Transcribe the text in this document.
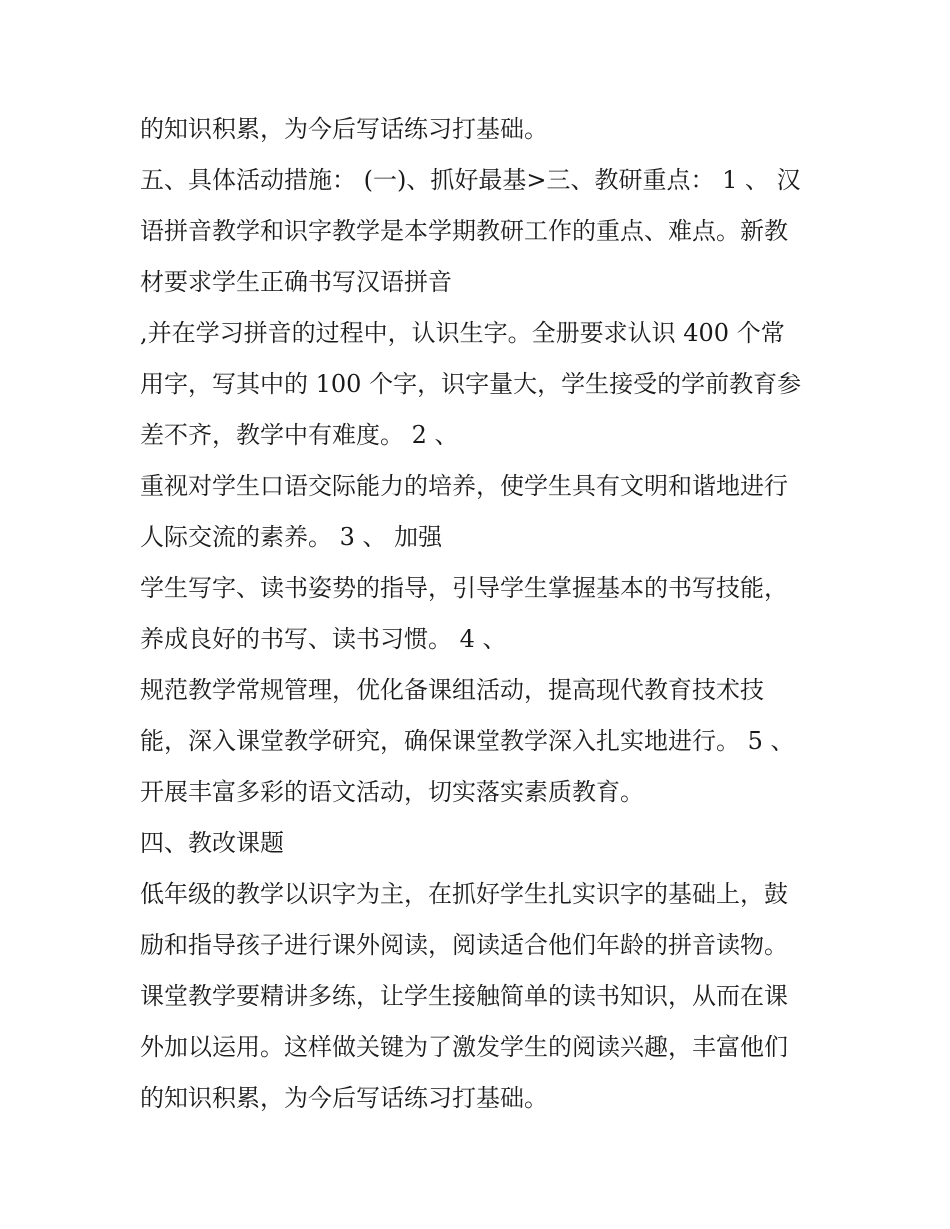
的知识积累，为今后写话练习打基础。
五、具体活动措施： (一)、抓好最基>三、教研重点： 1 、 汉
语拼音教学和识字教学是本学期教研工作的重点、难点。新教
材要求学生正确书写汉语拼音
,并在学习拼音的过程中，认识生字。全册要求认识 400 个常
用字，写其中的 100 个字，识字量大，学生接受的学前教育参
差不齐，教学中有难度。 2 、
重视对学生口语交际能力的培养，使学生具有文明和谐地进行
人际交流的素养。 3 、 加强
学生写字、读书姿势的指导，引导学生掌握基本的书写技能，
养成良好的书写、读书习惯。 4 、
规范教学常规管理，优化备课组活动，提高现代教育技术技
能，深入课堂教学研究，确保课堂教学深入扎实地进行。 5 、
开展丰富多彩的语文活动，切实落实素质教育。
四、教改课题
低年级的教学以识字为主，在抓好学生扎实识字的基础上，鼓
励和指导孩子进行课外阅读，阅读适合他们年龄的拼音读物。
课堂教学要精讲多练，让学生接触简单的读书知识，从而在课
外加以运用。这样做关键为了激发学生的阅读兴趣，丰富他们
的知识积累，为今后写话练习打基础。
